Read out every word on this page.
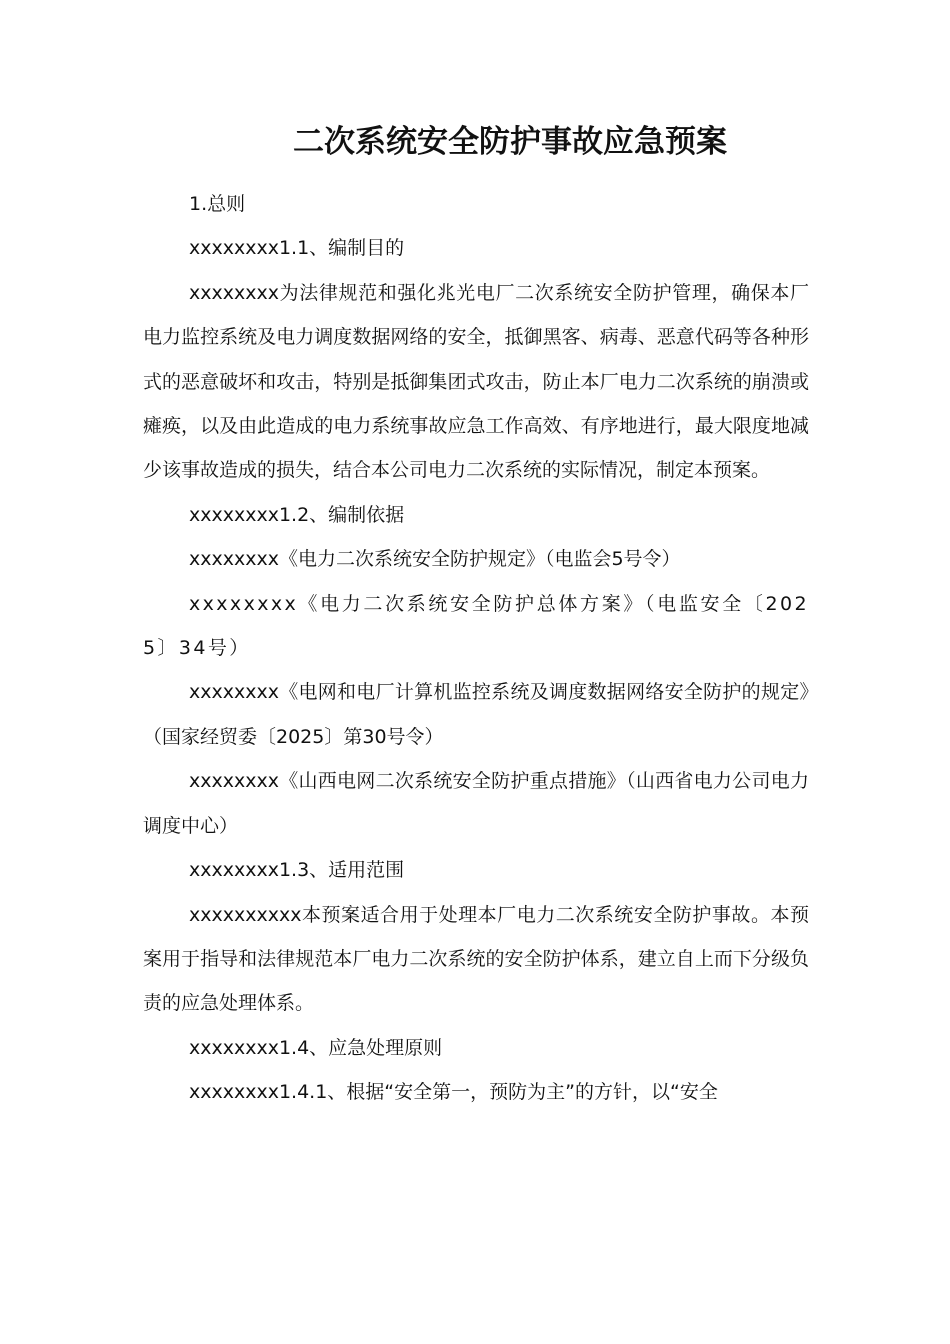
二次系统安全防护事故应急预案

1.总则

xxxxxxxx1.1、编制目的

xxxxxxxx为法律规范和强化兆光电厂二次系统安全防护管理，确保本厂电力监控系统及电力调度数据网络的安全，抵御黑客、病毒、恶意代码等各种形式的恶意破坏和攻击，特别是抵御集团式攻击，防止本厂电力二次系统的崩溃或瘫痪，以及由此造成的电力系统事故应急工作高效、有序地进行，最大限度地减少该事故造成的损失，结合本公司电力二次系统的实际情况，制定本预案。

xxxxxxxx1.2、编制依据

xxxxxxxx《电力二次系统安全防护规定》（电监会5号令）

xxxxxxxx《电力二次系统安全防护总体方案》（电监安全〔2025〕34号）

xxxxxxxx《电网和电厂计算机监控系统及调度数据网络安全防护的规定》（国家经贸委〔2025〕第30号令）

xxxxxxxx《山西电网二次系统安全防护重点措施》（山西省电力公司电力调度中心）

xxxxxxxx1.3、适用范围

xxxxxxxxxx本预案适合用于处理本厂电力二次系统安全防护事故。本预案用于指导和法律规范本厂电力二次系统的安全防护体系，建立自上而下分级负责的应急处理体系。

xxxxxxxx1.4、应急处理原则

xxxxxxxx1.4.1、根据“安全第一，预防为主”的方针，以“安全
